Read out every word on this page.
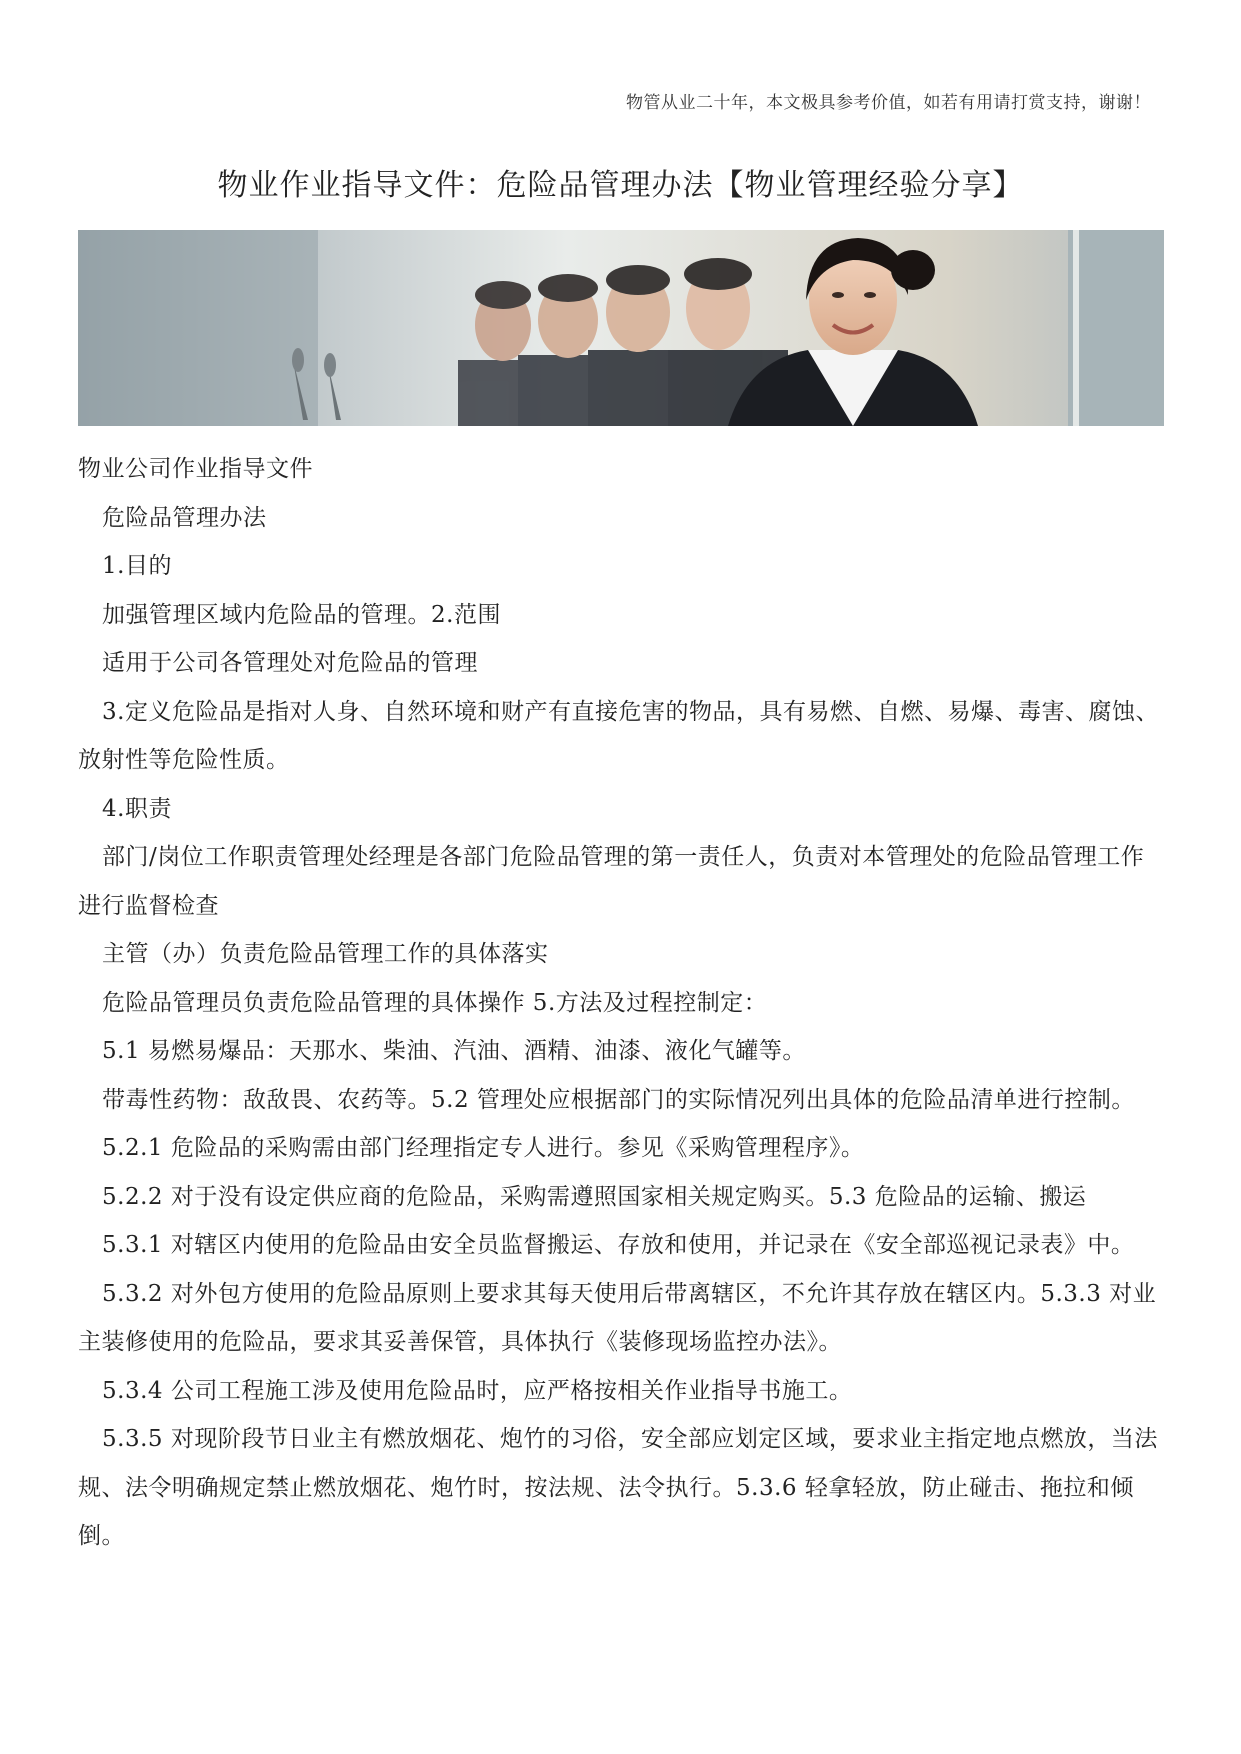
物管从业二十年，本文极具参考价值，如若有用请打赏支持，谢谢！
物业作业指导文件：危险品管理办法【物业管理经验分享】

物业公司作业指导文件

危险品管理办法

1.目的

加强管理区域内危险品的管理。2.范围

适用于公司各管理处对危险品的管理

3.定义危险品是指对人身、自然环境和财产有直接危害的物品，具有易燃、自燃、易爆、毒害、腐蚀、放射性等危险性质。

4.职责

部门/岗位工作职责管理处经理是各部门危险品管理的第一责任人，负责对本管理处的危险品管理工作进行监督检查

主管（办）负责危险品管理工作的具体落实

危险品管理员负责危险品管理的具体操作 5.方法及过程控制定：

5.1 易燃易爆品：天那水、柴油、汽油、酒精、油漆、液化气罐等。

带毒性药物：敌敌畏、农药等。5.2 管理处应根据部门的实际情况列出具体的危险品清单进行控制。

5.2.1 危险品的采购需由部门经理指定专人进行。参见《采购管理程序》。

5.2.2 对于没有设定供应商的危险品，采购需遵照国家相关规定购买。5.3 危险品的运输、搬运

5.3.1 对辖区内使用的危险品由安全员监督搬运、存放和使用，并记录在《安全部巡视记录表》中。

5.3.2 对外包方使用的危险品原则上要求其每天使用后带离辖区，不允许其存放在辖区内。5.3.3 对业主装修使用的危险品，要求其妥善保管，具体执行《装修现场监控办法》。

5.3.4 公司工程施工涉及使用危险品时，应严格按相关作业指导书施工。

5.3.5 对现阶段节日业主有燃放烟花、炮竹的习俗，安全部应划定区域，要求业主指定地点燃放，当法规、法令明确规定禁止燃放烟花、炮竹时，按法规、法令执行。5.3.6 轻拿轻放，防止碰击、拖拉和倾倒。
